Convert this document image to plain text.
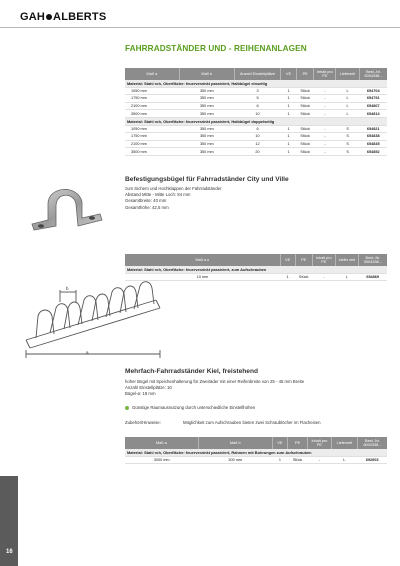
GAH ALBERTS
FAHRRADSTÄNDER UND - REIHENANLAGEN
Maß a	Maß b	Anzahl Einstellplätze	VE	PE	Inhalt pro PE	Lieferzeit	Best.-Nr. 6004338...
Material: Stahl roh, Oberfläche: feuerverzinkt passiviert, Halbbügel einseitig							
1050 mm	350 mm	3	1	Stück	-	L	654704
1750 mm	350 mm	5	1	Stück	-	L	654791
2100 mm	350 mm	6	1	Stück	-	L	654807
3500 mm	350 mm	10	1	Stück	-	L	654814
Material: Stahl roh, Oberfläche: feuerverzinkt passiviert, Halbbügel doppelseitig							
1050 mm	350 mm	6	1	Stück	-	S	654821
1750 mm	350 mm	10	1	Stück	-	S	654838
2100 mm	350 mm	12	1	Stück	-	S	654845
3500 mm	350 mm	20	1	Stück	-	S	654852
Befestigungsbügel für Fahrradständer City und Ville
zum Sichern und Hochklappen der Fahrradständer
Abstand Mitte - Mitte Loch: 84 mm
Gesamtbreite: 40 mm
Gesamthöhe: 42,5 mm
Maß a u	VE	PE	Inhalt pro PE	Liefer zeit	Best.-Nr. 6004338...
Material: Stahl roh, Oberfläche: feuerverzinkt passiviert, zum Aufschrauben					
10 mm	1	Stück	-	L	654869
b
a
Mehrfach-Fahrradständer Kiel, freistehend
hoher Bügel mit Speichenhalterung für Zweiräder mit einer Reifenbreite von 25 - 45 mm Breite
Anzahl Einstellplätze: 10
Bügel-ø: 18 mm
Günstige Raumausnutzung durch unterschiedliche Einstellhöhen
Zubehör/Hinweise:	Möglichkeit zum Aufschrauben bieten zwei Schraublöcher im Flacheisen
Maß a	Maß b	VE	PE	Inhalt pro PE	Lieferzeit	Best.-Nr. 6004338...
Material: Stahl roh, Oberfläche: feuerverzinkt passiviert, Rahmen mit Bohrungen zum Aufschrauben						
3000 mm	300 mm	1	Stück	-	L	692603
16
